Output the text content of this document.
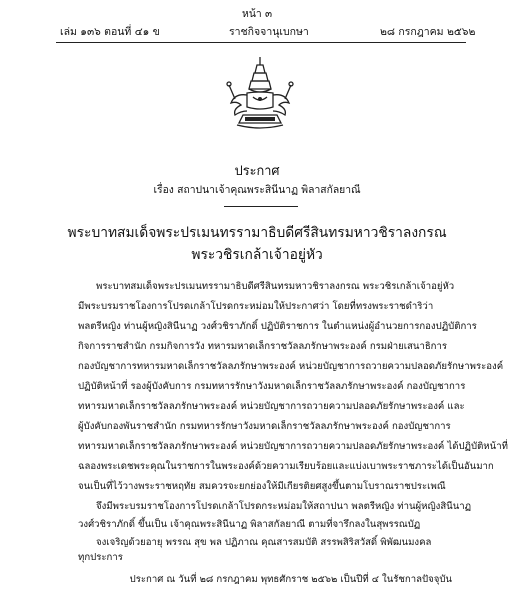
หน้า ๓
เล่ม ๑๓๖ ตอนที่ ๔๑ ข	ราชกิจจานุเบกษา	๒๘ กรกฎาคม ๒๕๖๒
ประกาศ
เรื่อง สถาปนาเจ้าคุณพระสินีนาฏ พิลาสกัลยาณี
พระบาทสมเด็จพระปรเมนทรรามาธิบดีศรีสินทรมหาวชิราลงกรณ
พระวชิรเกล้าเจ้าอยู่หัว
พระบาทสมเด็จพระปรเมนทรรามาธิบดีศรีสินทรมหาวชิราลงกรณ พระวชิรเกล้าเจ้าอยู่หัว
มีพระบรมราชโองการโปรดเกล้าโปรดกระหม่อมให้ประกาศว่า โดยที่ทรงพระราชดำริว่า
พลตรีหญิง ท่านผู้หญิงสินีนาฏ วงศ์วชิราภักดิ์ ปฏิบัติราชการ ในตำแหน่งผู้อำนวยการกองปฏิบัติการ
กิจการราชสำนัก กรมกิจการวัง ทหารมหาดเล็กราชวัลลภรักษาพระองค์ กรมฝ่ายเสนาธิการ
กองบัญชาการทหารมหาดเล็กราชวัลลภรักษาพระองค์ หน่วยบัญชาการถวายความปลอดภัยรักษาพระองค์
ปฏิบัติหน้าที่ รองผู้บังคับการ กรมทหารรักษาวังมหาดเล็กราชวัลลภรักษาพระองค์ กองบัญชาการ
ทหารมหาดเล็กราชวัลลภรักษาพระองค์ หน่วยบัญชาการถวายความปลอดภัยรักษาพระองค์ และ
ผู้บังคับกองพันราชสำนัก กรมทหารรักษาวังมหาดเล็กราชวัลลภรักษาพระองค์ กองบัญชาการ
ทหารมหาดเล็กราชวัลลภรักษาพระองค์ หน่วยบัญชาการถวายความปลอดภัยรักษาพระองค์ ได้ปฏิบัติหน้าที่
ฉลองพระเดชพระคุณในราชการในพระองค์ด้วยความเรียบร้อยและแบ่งเบาพระราชภาระได้เป็นอันมาก
จนเป็นที่ไว้วางพระราชหฤทัย สมควรจะยกย่องให้มีเกียรติยศสูงขึ้นตามโบราณราชประเพณี
จึงมีพระบรมราชโองการโปรดเกล้าโปรดกระหม่อมให้สถาปนา พลตรีหญิง ท่านผู้หญิงสินีนาฏ
วงศ์วชิราภักดิ์ ขึ้นเป็น เจ้าคุณพระสินีนาฏ พิลาสกัลยาณี ตามที่จารึกลงในสุพรรณบัฏ
จงเจริญด้วยอายุ พรรณ สุข พล ปฏิภาณ คุณสารสมบัติ สรรพสิริสวัสดิ์ พิพัฒนมงคล
ทุกประการ
ประกาศ ณ วันที่ ๒๘ กรกฎาคม พุทธศักราช ๒๕๖๒ เป็นปีที่ ๔ ในรัชกาลปัจจุบัน
